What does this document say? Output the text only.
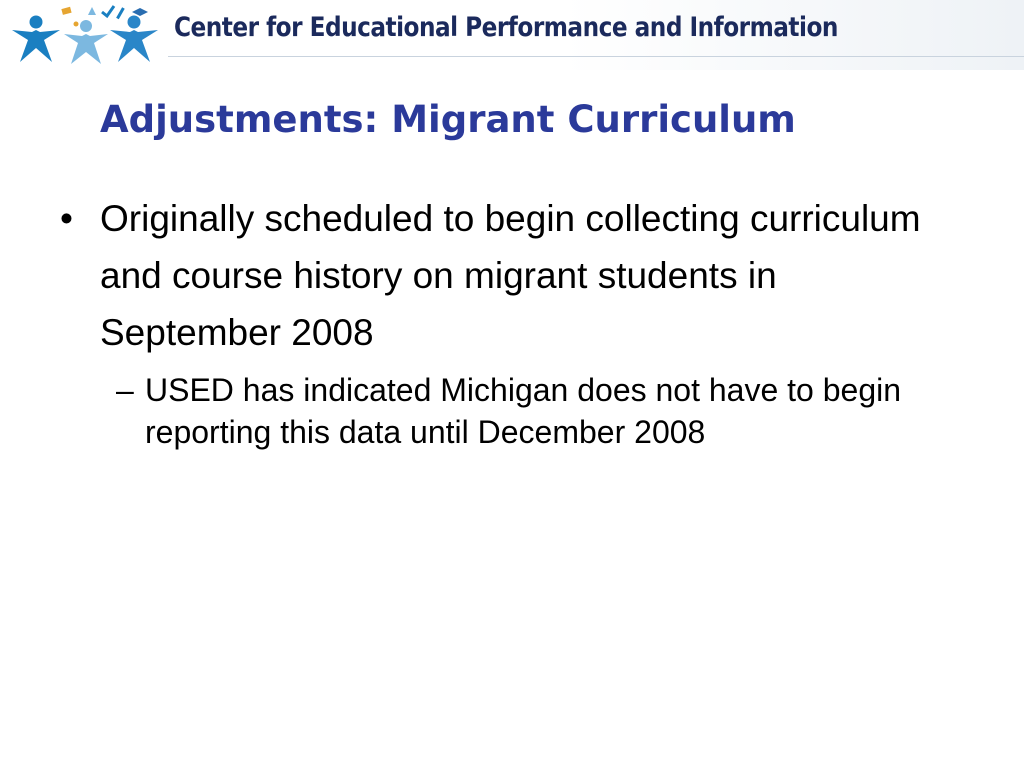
Center for Educational Performance and Information
Adjustments: Migrant Curriculum
• Originally scheduled to begin collecting curriculum and course history on migrant students in September 2008
– USED has indicated Michigan does not have to begin reporting this data until December 2008
